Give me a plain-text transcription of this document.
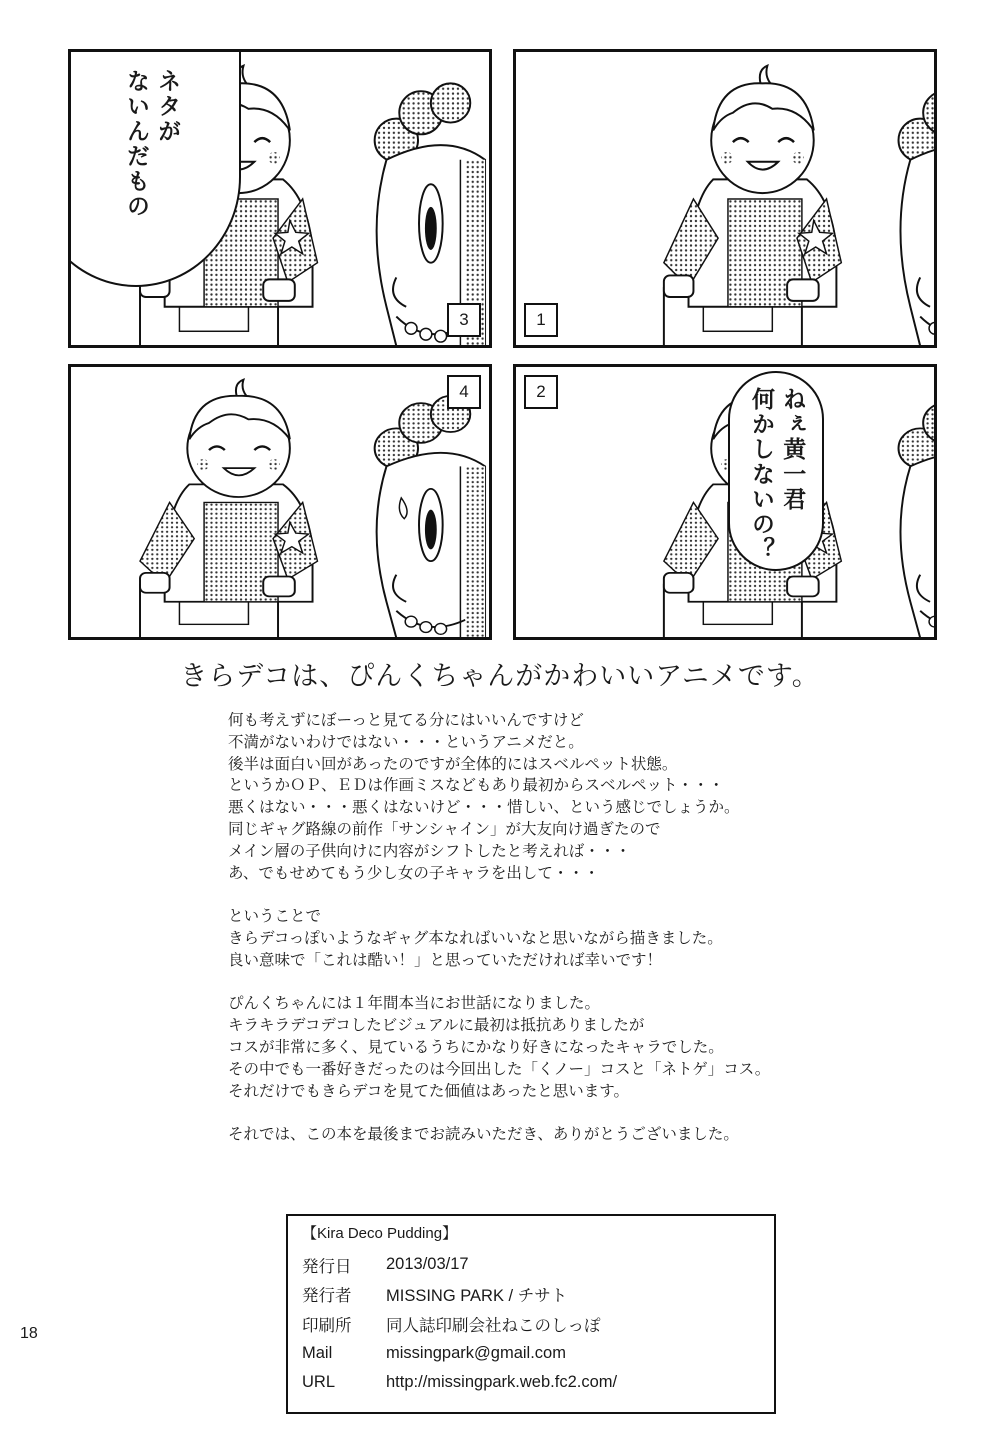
ネタが
ないんだもの
3	1
4	2	ねぇ黄一君
何かしないの？
きらデコは、ぴんくちゃんがかわいいアニメです。

何も考えずにぼーっと見てる分にはいいんですけど
不満がないわけではない・・・というアニメだと。
後半は面白い回があったのですが全体的にはスベルペット状態。
というかＯＰ、ＥＤは作画ミスなどもあり最初からスベルペット・・・
悪くはない・・・悪くはないけど・・・惜しい、という感じでしょうか。
同じギャグ路線の前作「サンシャイン」が大友向け過ぎたので
メイン層の子供向けに内容がシフトしたと考えれば・・・
あ、でもせめてもう少し女の子キャラを出して・・・

ということで
きらデコっぽいようなギャグ本なればいいなと思いながら描きました。
良い意味で「これは酷い！」と思っていただければ幸いです！

ぴんくちゃんには１年間本当にお世話になりました。
キラキラデコデコしたビジュアルに最初は抵抗ありましたが
コスが非常に多く、見ているうちにかなり好きになったキャラでした。
その中でも一番好きだったのは今回出した「くノー」コスと「ネトゲ」コス。
それだけでもきらデコを見てた価値はあったと思います。

それでは、この本を最後までお読みいただき、ありがとうございました。

【Kira Deco Pudding】
発行日	2013/03/17
発行者	MISSING PARK / チサト
印刷所	同人誌印刷会社ねこのしっぽ
Mail	missingpark@gmail.com
URL	http://missingpark.web.fc2.com/
18
